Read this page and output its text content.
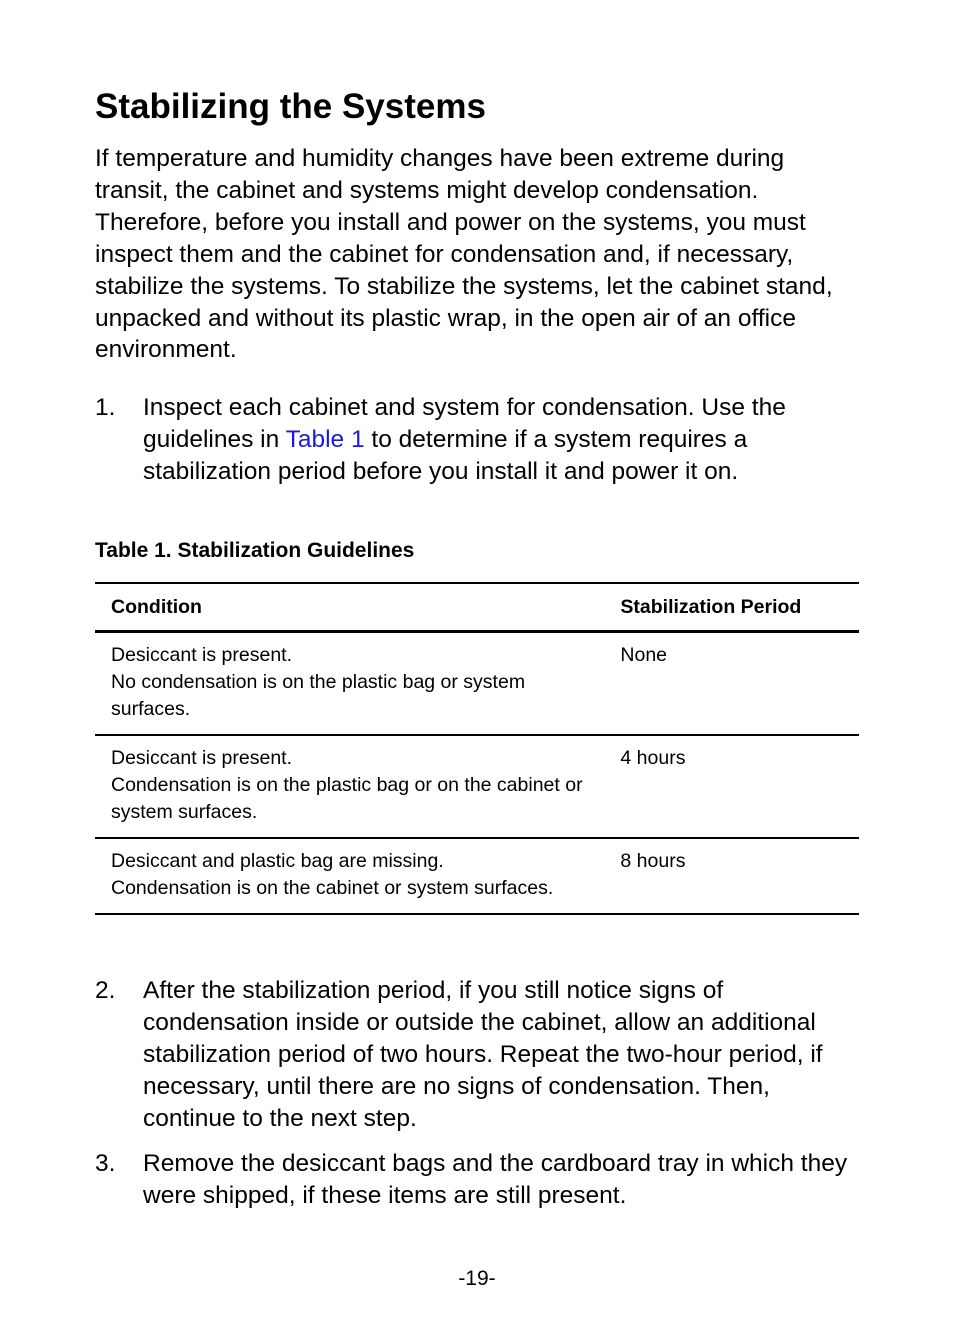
Stabilizing the Systems

If temperature and humidity changes have been extreme during transit, the cabinet and systems might develop condensation. Therefore, before you install and power on the systems, you must inspect them and the cabinet for condensation and, if necessary, stabilize the systems. To stabilize the systems, let the cabinet stand, unpacked and without its plastic wrap, in the open air of an office environment.

1. Inspect each cabinet and system for condensation. Use the guidelines in Table 1 to determine if a system requires a stabilization period before you install it and power it on.
Table 1. Stabilization Guidelines
Condition	Stabilization Period

Desiccant is present.
No condensation is on the plastic bag or system surfaces.	None

Desiccant is present.
Condensation is on the plastic bag or on the cabinet or system surfaces.	4 hours

Desiccant and plastic bag are missing.
Condensation is on the cabinet or system surfaces.	8 hours
2. After the stabilization period, if you still notice signs of condensation inside or outside the cabinet, allow an additional stabilization period of two hours. Repeat the two-hour period, if necessary, until there are no signs of condensation. Then, continue to the next step.
3. Remove the desiccant bags and the cardboard tray in which they were shipped, if these items are still present.
-19-
